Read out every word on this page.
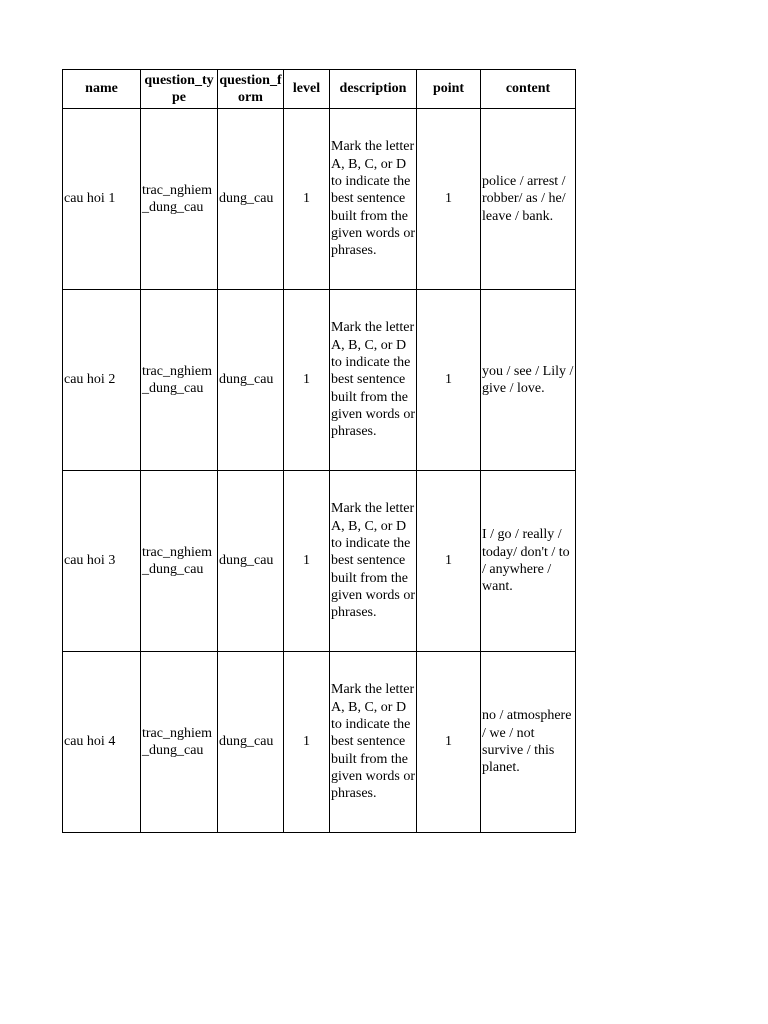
name	question_type	question_form	level	description	point	content
cau hoi 1	trac_nghiem_dung_cau	dung_cau	1	Mark the letter A, B, C, or D to indicate the best sentence built from the given words or phrases.	1	police / arrest / robber/ as / he/ leave / bank.
cau hoi 2	trac_nghiem_dung_cau	dung_cau	1	Mark the letter A, B, C, or D to indicate the best sentence built from the given words or phrases.	1	you / see / Lily / give / love.
cau hoi 3	trac_nghiem_dung_cau	dung_cau	1	Mark the letter A, B, C, or D to indicate the best sentence built from the given words or phrases.	1	I / go / really / today/ don't / to / anywhere / want.
cau hoi 4	trac_nghiem_dung_cau	dung_cau	1	Mark the letter A, B, C, or D to indicate the best sentence built from the given words or phrases.	1	no / atmosphere / we / not survive / this planet.
